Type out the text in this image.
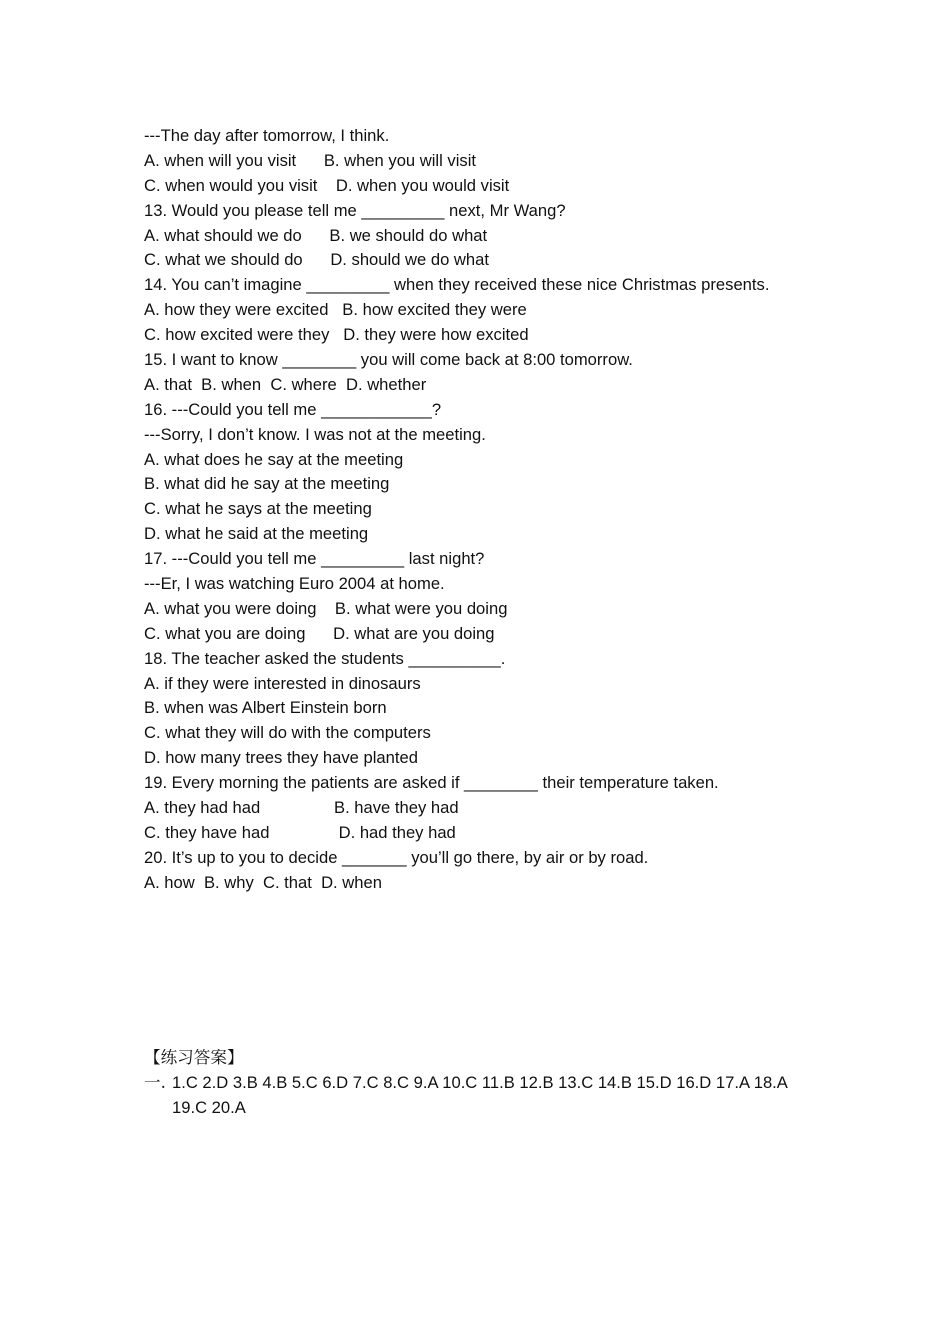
---The day after tomorrow, I think.
A. when will you visit      B. when you will visit
C. when would you visit    D. when you would visit
13. Would you please tell me _________ next, Mr Wang?
A. what should we do      B. we should do what
C. what we should do      D. should we do what
14. You can’t imagine _________ when they received these nice Christmas presents.
A. how they were excited   B. how excited they were
C. how excited were they   D. they were how excited
15. I want to know ________ you will come back at 8:00 tomorrow.
A. that  B. when  C. where  D. whether
16. ---Could you tell me ____________?
---Sorry, I don’t know. I was not at the meeting.
A. what does he say at the meeting
B. what did he say at the meeting
C. what he says at the meeting
D. what he said at the meeting
17. ---Could you tell me _________ last night?
---Er, I was watching Euro 2004 at home.
A. what you were doing    B. what were you doing
C. what you are doing      D. what are you doing
18. The teacher asked the students __________.
A. if they were interested in dinosaurs
B. when was Albert Einstein born
C. what they will do with the computers
D. how many trees they have planted
19. Every morning the patients are asked if ________ their temperature taken.
A. they had had                B. have they had
C. they have had               D. had they had
20. It’s up to you to decide _______ you’ll go there, by air or by road.
A. how  B. why  C. that  D. when
【练习答案】
一. 1.C 2.D 3.B 4.B 5.C 6.D 7.C 8.C 9.A 10.C 11.B 12.B 13.C 14.B 15.D 16.D 17.A 18.A 19.C 20.A
